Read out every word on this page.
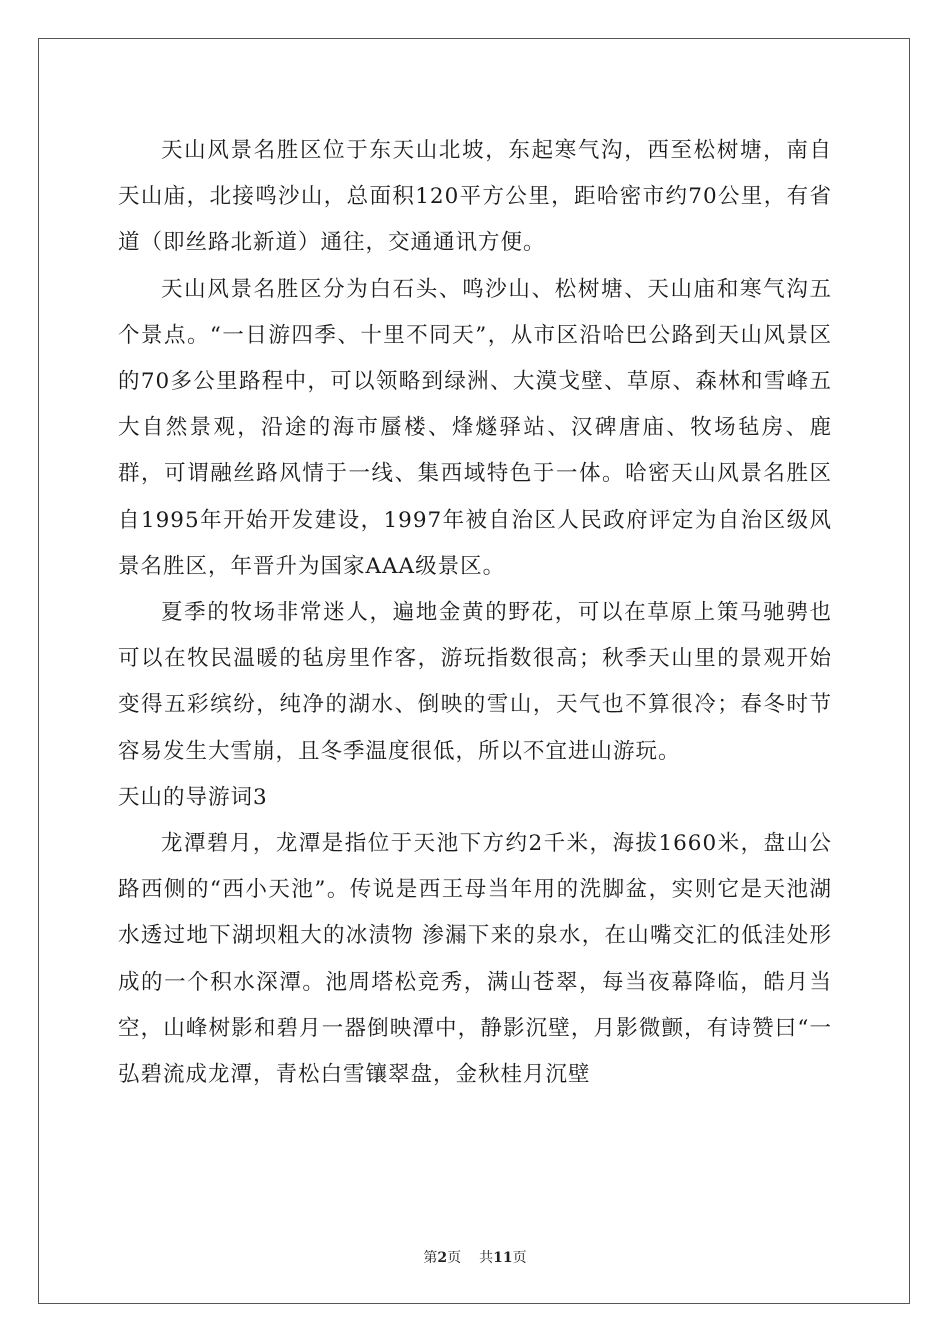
天山风景名胜区位于东天山北坡，东起寒气沟，西至松树塘，南自天山庙，北接鸣沙山，总面积120平方公里，距哈密市约70公里，有省道（即丝路北新道）通往，交通通讯方便。

天山风景名胜区分为白石头、鸣沙山、松树塘、天山庙和寒气沟五个景点。“一日游四季、十里不同天”，从市区沿哈巴公路到天山风景区的70多公里路程中，可以领略到绿洲、大漠戈壁、草原、森林和雪峰五大自然景观，沿途的海市蜃楼、烽燧驿站、汉碑唐庙、牧场毡房、鹿群，可谓融丝路风情于一线、集西域特色于一体。哈密天山风景名胜区自1995年开始开发建设，1997年被自治区人民政府评定为自治区级风景名胜区，年晋升为国家AAA级景区。

夏季的牧场非常迷人，遍地金黄的野花，可以在草原上策马驰骋也可以在牧民温暖的毡房里作客，游玩指数很高；秋季天山里的景观开始变得五彩缤纷，纯净的湖水、倒映的雪山，天气也不算很冷；春冬时节容易发生大雪崩，且冬季温度很低，所以不宜进山游玩。

天山的导游词3

龙潭碧月，龙潭是指位于天池下方约2千米，海拔1660米，盘山公路西侧的“西小天池”。传说是西王母当年用的洗脚盆，实则它是天池湖水透过地下湖坝粗大的冰渍物 渗漏下来的泉水，在山嘴交汇的低洼处形成的一个积水深潭。池周塔松竞秀，满山苍翠，每当夜幕降临，皓月当空，山峰树影和碧月一器倒映潭中，静影沉壁，月影微颤，有诗赞曰“一弘碧流成龙潭，青松白雪镶翠盘，金秋桂月沉壁

第2页 共11页
